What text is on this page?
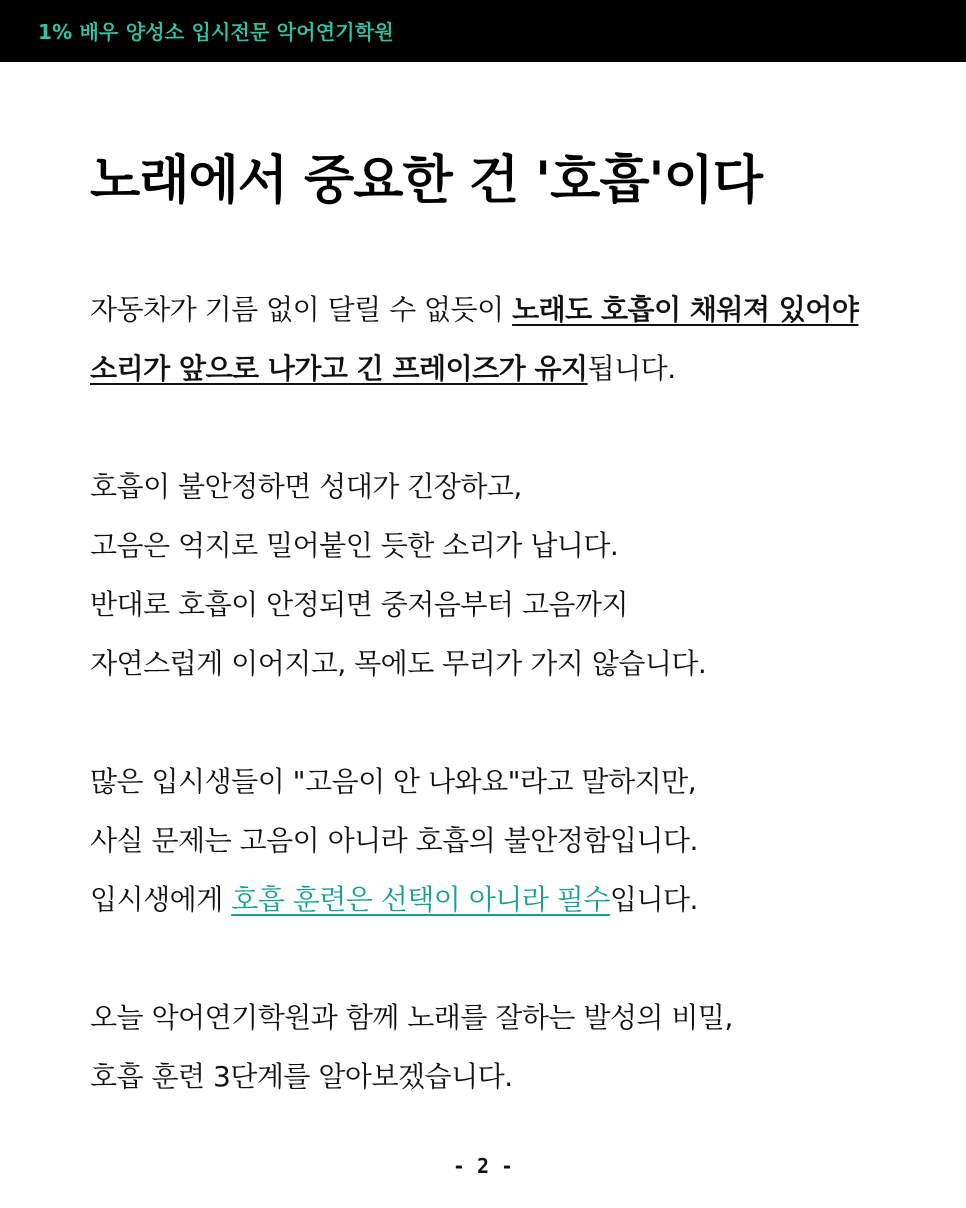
1% 배우 양성소 입시전문 악어연기학원
노래에서 중요한 건 '호흡'이다

자동차가 기름 없이 달릴 수 없듯이 노래도 호흡이 채워져 있어야
소리가 앞으로 나가고 긴 프레이즈가 유지됩니다.

호흡이 불안정하면 성대가 긴장하고,
고음은 억지로 밀어붙인 듯한 소리가 납니다.
반대로 호흡이 안정되면 중저음부터 고음까지
자연스럽게 이어지고, 목에도 무리가 가지 않습니다.

많은 입시생들이 "고음이 안 나와요"라고 말하지만,
사실 문제는 고음이 아니라 호흡의 불안정함입니다.
입시생에게 호흡 훈련은 선택이 아니라 필수입니다.

오늘 악어연기학원과 함께 노래를 잘하는 발성의 비밀,
호흡 훈련 3단계를 알아보겠습니다.

- 2 -
